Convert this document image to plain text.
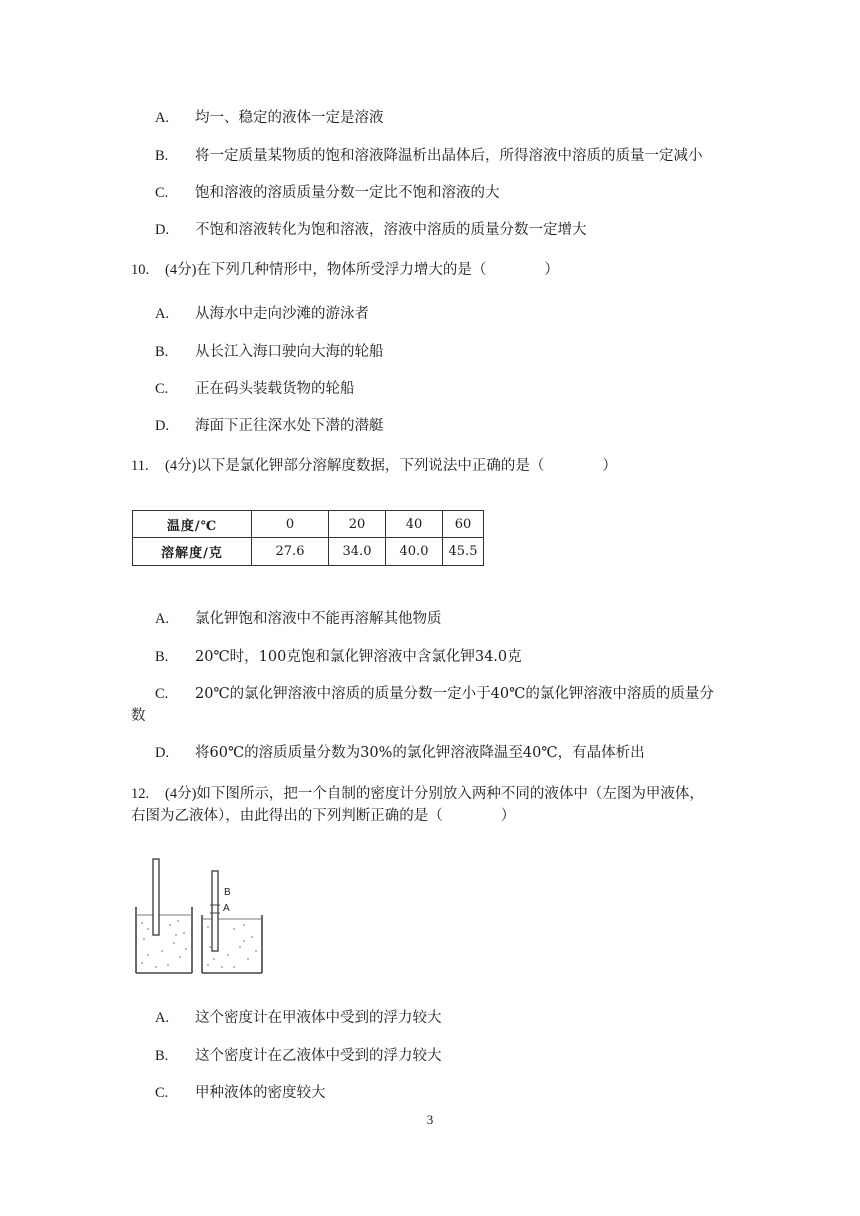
A. 均一、稳定的液体一定是溶液
B. 将一定质量某物质的饱和溶液降温析出晶体后，所得溶液中溶质的质量一定减小
C. 饱和溶液的溶质质量分数一定比不饱和溶液的大
D. 不饱和溶液转化为饱和溶液，溶液中溶质的质量分数一定增大
10. (4分)在下列几种情形中，物体所受浮力增大的是（　　　　）
A. 从海水中走向沙滩的游泳者
B. 从长江入海口驶向大海的轮船
C. 正在码头装载货物的轮船
D. 海面下正往深水处下潜的潜艇
11. (4分)以下是氯化钾部分溶解度数据，下列说法中正确的是（　　　　）
温度/℃	0	20	40	60
溶解度/克	27.6	34.0	40.0	45.5
A. 氯化钾饱和溶液中不能再溶解其他物质
B. 20℃时，100克饱和氯化钾溶液中含氯化钾34.0克
C. 20℃的氯化钾溶液中溶质的质量分数一定小于40℃的氯化钾溶液中溶质的质量分
数
D. 将60℃的溶质质量分数为30%的氯化钾溶液降温至40℃，有晶体析出
12. (4分)如下图所示，把一个自制的密度计分别放入两种不同的液体中（左图为甲液体，
右图为乙液体），由此得出的下列判断正确的是（　　　　）
B
A
A. 这个密度计在甲液体中受到的浮力较大
B. 这个密度计在乙液体中受到的浮力较大
C. 甲种液体的密度较大
3
